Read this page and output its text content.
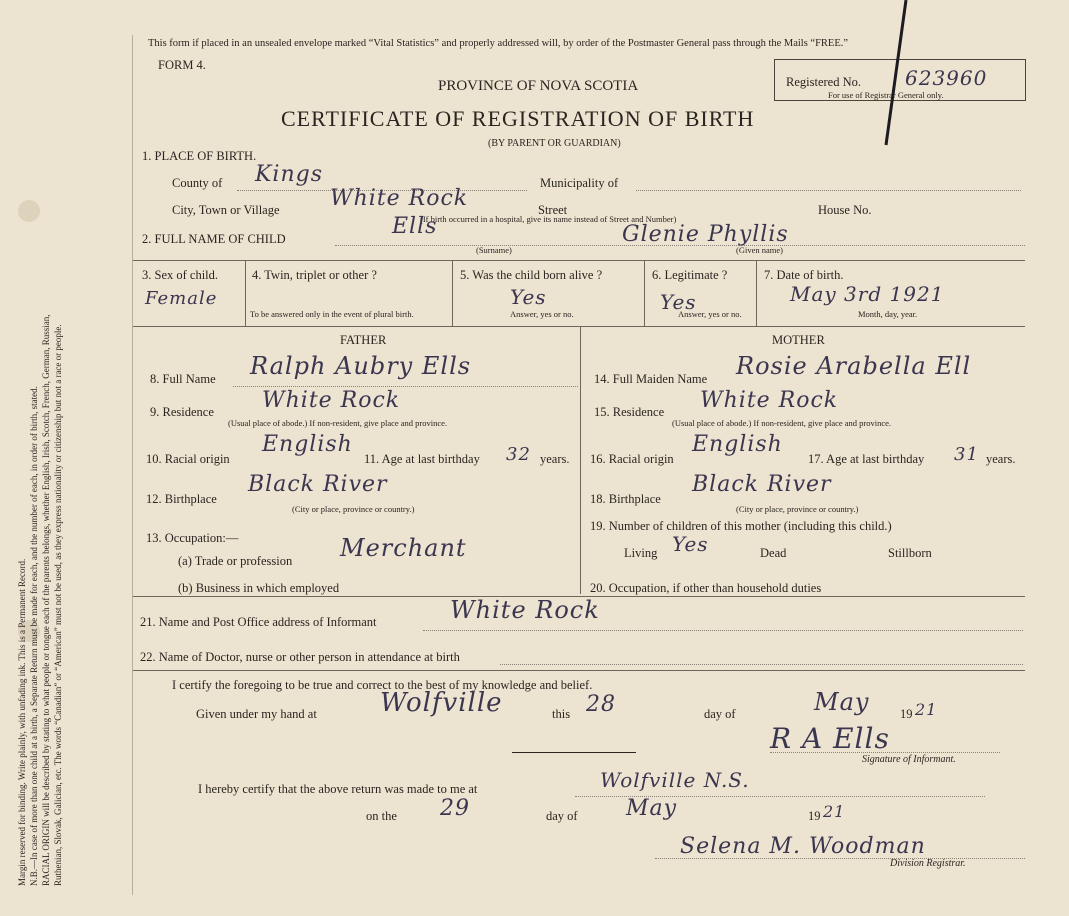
Margin reserved for binding. Write plainly, with unfading ink. This is a Permanent Record. N.B.—In case of more than one child at a birth, a Separate Return must be made for each, and the number of each, in order of birth, stated. RACIAL ORIGIN will be described by stating to what people or tongue each of the parents belongs, whether English, Irish, Scotch, French, German, Russian, Ruthenian, Slovak, Galician, etc. The words “Canadian” or “American” must not be used, as they express nationality or citizenship but not a race or people.
This form if placed in an unsealed envelope marked “Vital Statistics” and properly addressed will, by order of the Postmaster General pass through the Mails “FREE.”
FORM 4.
PROVINCE OF NOVA SCOTIA
CERTIFICATE OF REGISTRATION OF BIRTH
(BY PARENT OR GUARDIAN)
Registered No. 623960
For use of Registrar General only.
1. PLACE OF BIRTH.
County of Kings	Municipality of
City, Town or Village White Rock	Street
(If birth occurred in a hospital, give its name instead of Street and Number)
House No.
2. FULL NAME OF CHILD	Ells
(Surname)
Glenie Phyllis
(Given name)
3. Sex of child.
Female
4. Twin, triplet or other ?
To be answered only in the event of plural birth.
5. Was the child born alive ?
Yes
Answer, yes or no.
6. Legitimate ?
Yes
Answer, yes or no.
7. Date of birth.
May 3rd 1921
Month, day, year.
FATHER	MOTHER
8. Full Name Ralph Aubry Ells
9. Residence White Rock
(Usual place of abode.) If non-resident, give place and province.
10. Racial origin
English
11. Age at last birthday 32 years.
12. Birthplace
Black River
(City or place, province or country.)
13. Occupation:—
(a) Trade or profession Merchant
(b) Business in which employed
14. Full Maiden Name Rosie Arabella Ell
15. Residence White Rock
(Usual place of abode.) If non-resident, give place and province.
16. Racial origin
English
17. Age at last birthday 31 years.
18. Birthplace
Black River
(City or place, province or country.)
19. Number of children of this mother (including this child.)
Living Yes	Dead	Stillborn
20. Occupation, if other than household duties
21. Name and Post Office address of Informant	White Rock
22. Name of Doctor, nurse or other person in attendance at birth
I certify the foregoing to be true and correct to the best of my knowledge and belief.
Given under my hand at Wolfville	this 28	day of	May 19 21
R A Ells
Signature of Informant.
I hereby certify that the above return was made to me at	Wolfville N.S.
on the 29	day of May	19 21
Selena M. Woodman
Division Registrar.
